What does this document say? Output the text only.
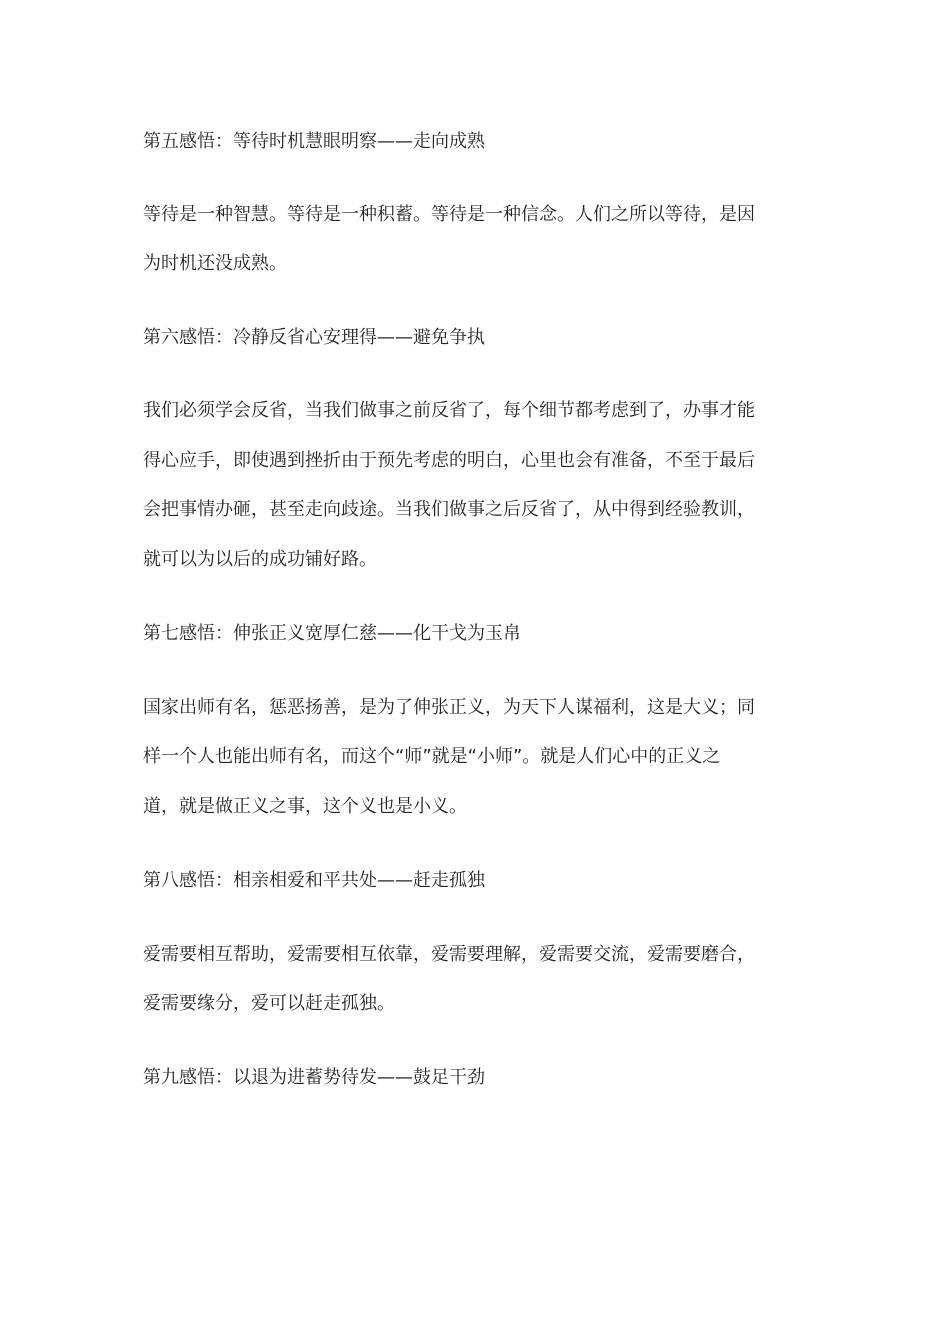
第五感悟：等待时机慧眼明察——走向成熟

等待是一种智慧。等待是一种积蓄。等待是一种信念。人们之所以等待，是因

为时机还没成熟。

第六感悟：冷静反省心安理得——避免争执

我们必须学会反省，当我们做事之前反省了，每个细节都考虑到了，办事才能

得心应手，即使遇到挫折由于预先考虑的明白，心里也会有准备，不至于最后

会把事情办砸，甚至走向歧途。当我们做事之后反省了，从中得到经验教训，

就可以为以后的成功铺好路。

第七感悟：伸张正义宽厚仁慈——化干戈为玉帛

国家出师有名，惩恶扬善，是为了伸张正义，为天下人谋福利，这是大义；同

样一个人也能出师有名，而这个“师”就是“小师”。就是人们心中的正义之

道，就是做正义之事，这个义也是小义。

第八感悟：相亲相爱和平共处——赶走孤独

爱需要相互帮助，爱需要相互依靠，爱需要理解，爱需要交流，爱需要磨合，

爱需要缘分，爱可以赶走孤独。

第九感悟：以退为进蓄势待发——鼓足干劲
